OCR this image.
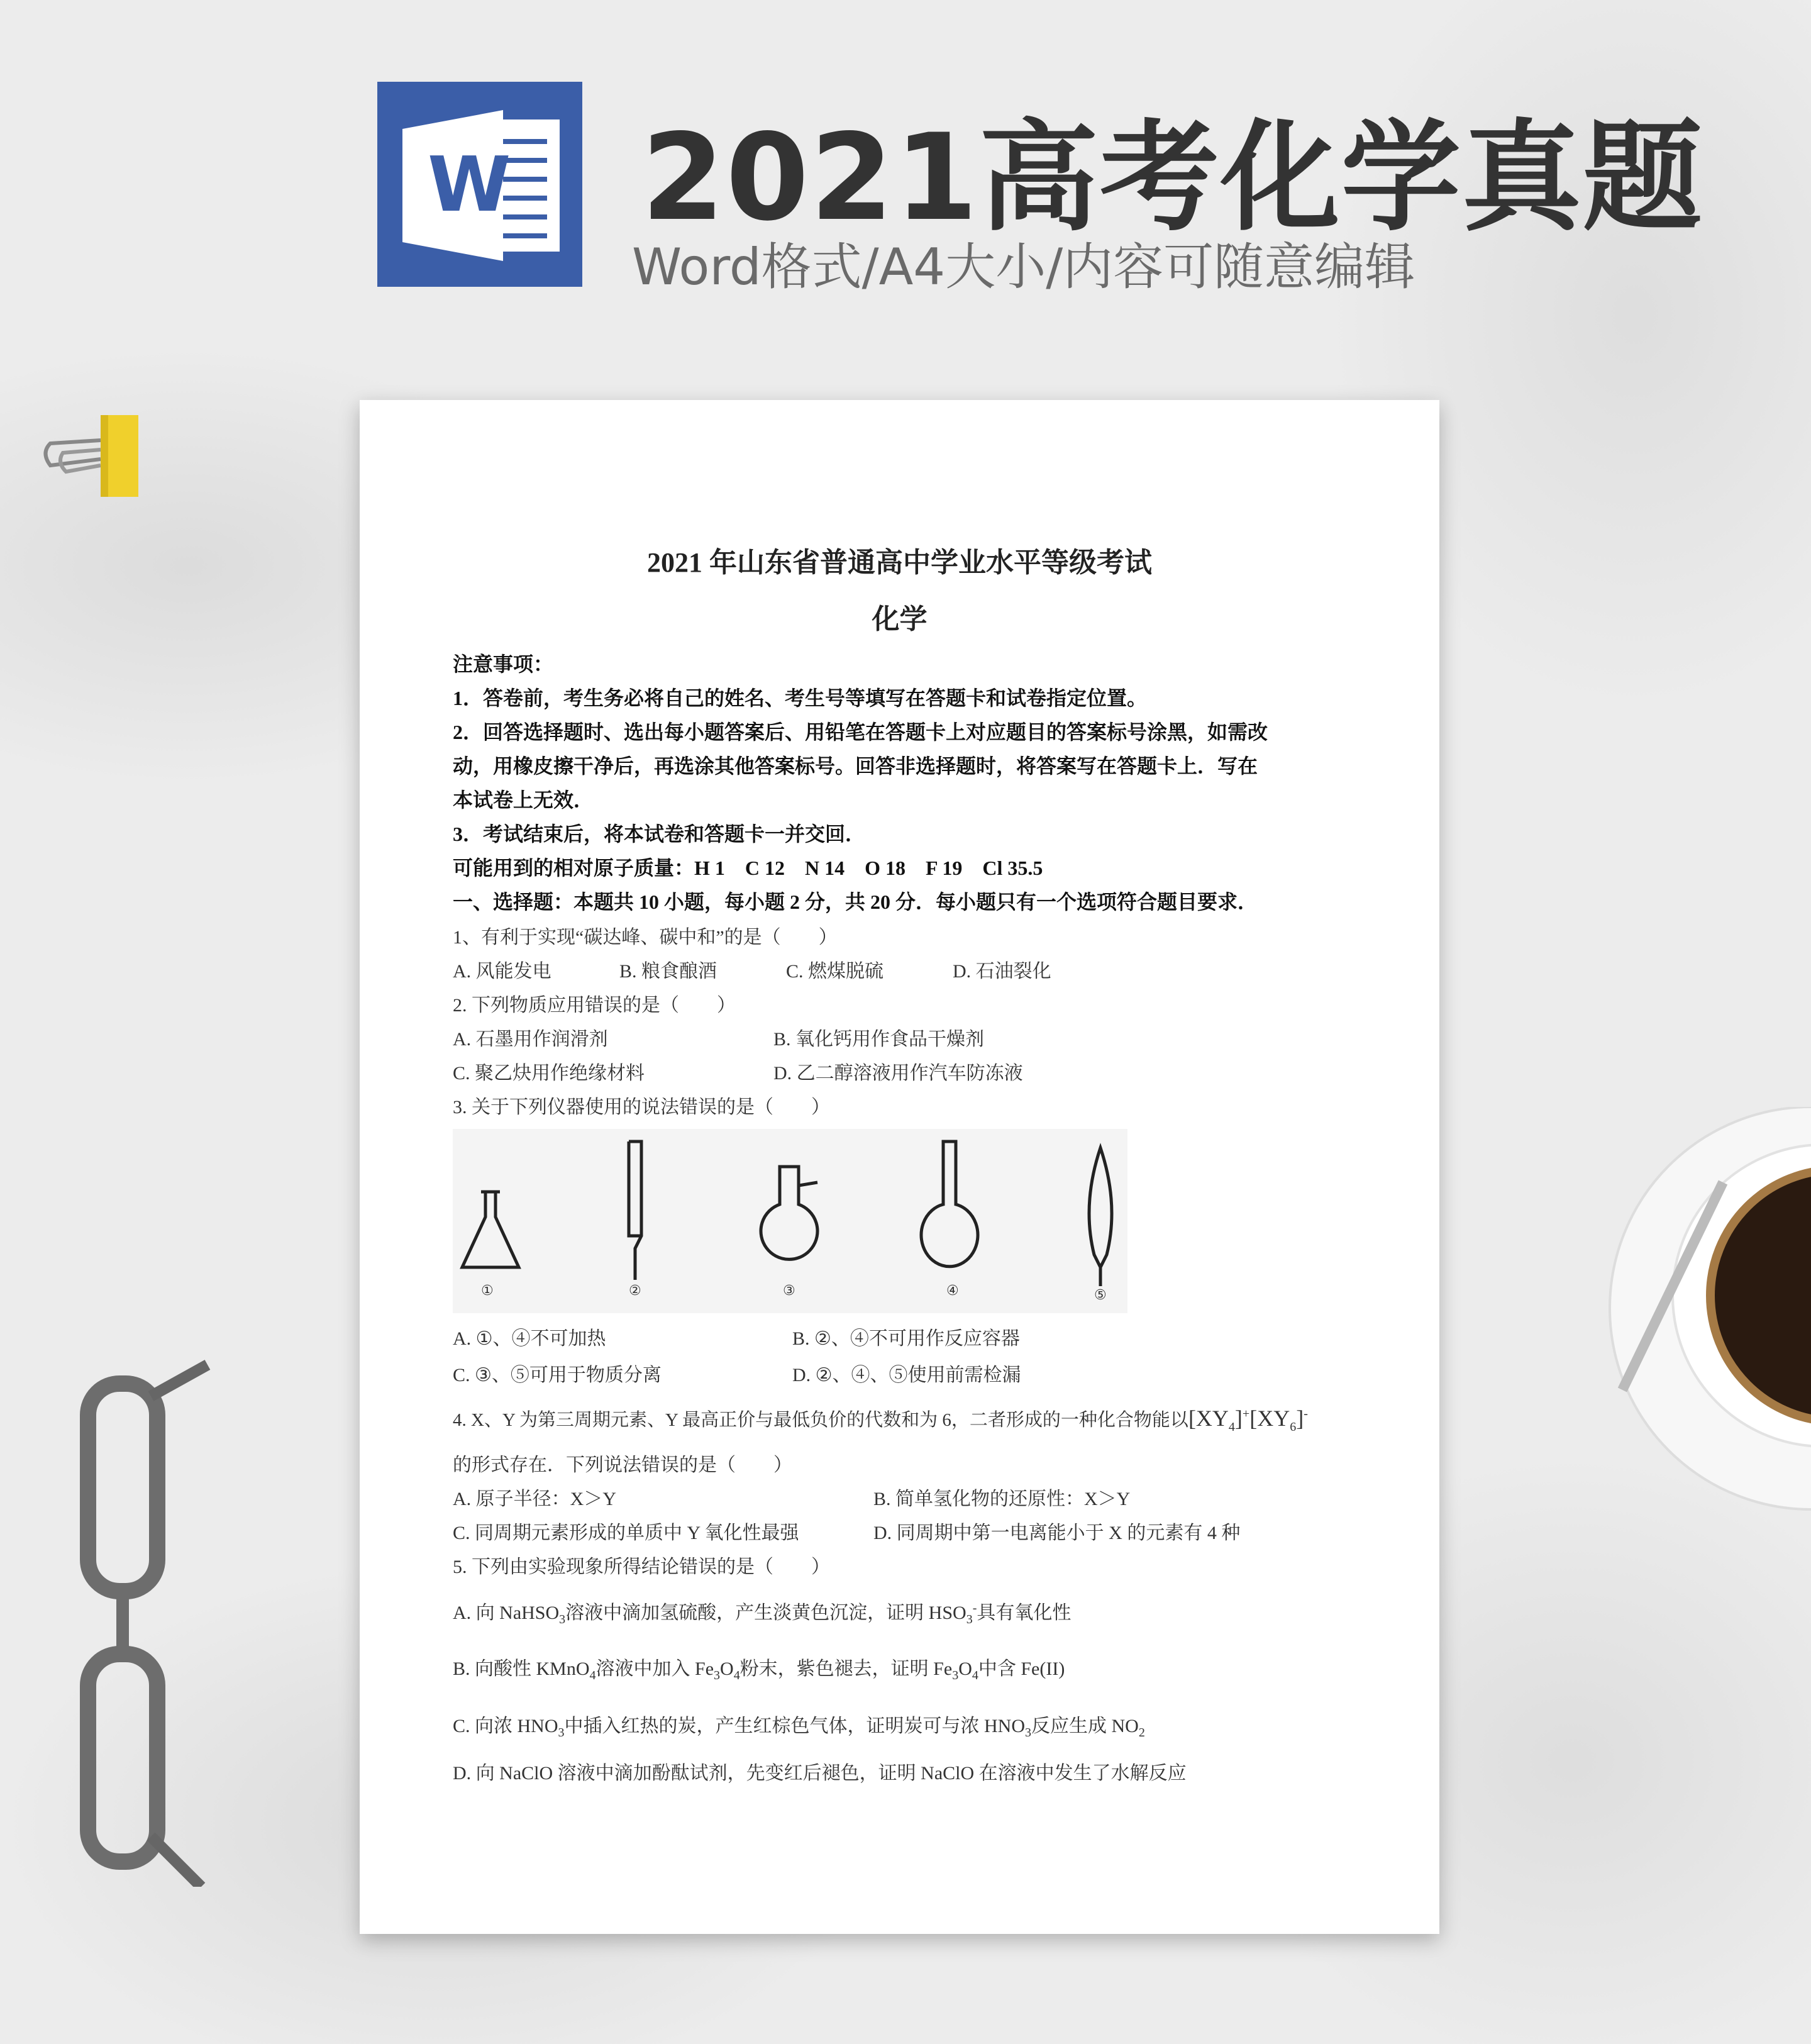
W 2021高考化学真题
Word格式/A4大小/内容可随意编辑
2021 年山东省普通高中学业水平等级考试
化学
注意事项：
1．答卷前，考生务必将自己的姓名、考生号等填写在答题卡和试卷指定位置。
2．回答选择题时、选出每小题答案后、用铅笔在答题卡上对应题目的答案标号涂黑，如需改
动，用橡皮擦干净后，再选涂其他答案标号。回答非选择题时，将答案写在答题卡上．写在
本试卷上无效．
3．考试结束后，将本试卷和答题卡一并交回．
可能用到的相对原子质量：H 1　C 12　N 14　O 18　F 19　Cl 35.5
一、选择题：本题共 10 小题，每小题 2 分，共 20 分．每小题只有一个选项符合题目要求．
1、有利于实现“碳达峰、碳中和”的是（　　）
A. 风能发电	B. 粮食酿酒	C. 燃煤脱硫	D. 石油裂化
2. 下列物质应用错误的是（　　）
A. 石墨用作润滑剂	B. 氧化钙用作食品干燥剂
C. 聚乙炔用作绝缘材料	D. 乙二醇溶液用作汽车防冻液
3. 关于下列仪器使用的说法错误的是（　　）
①	②	③	④	⑤
A. ①、④不可加热	B. ②、④不可用作反应容器
C. ③、⑤可用于物质分离	D. ②、④、⑤使用前需检漏
4. X、Y 为第三周期元素、Y 最高正价与最低负价的代数和为 6，二者形成的一种化合物能以$[XY_4]^+[XY_6]^-$
的形式存在．下列说法错误的是（　　）
A. 原子半径：X＞Y	B. 简单氢化物的还原性：X＞Y
C. 同周期元素形成的单质中 Y 氧化性最强	D. 同周期中第一电离能小于 X 的元素有 4 种
5. 下列由实验现象所得结论错误的是（　　）
A. 向 NaHSO$_3$溶液中滴加氢硫酸，产生淡黄色沉淀，证明 $HSO_3^-$具有氧化性
B. 向酸性 KMnO$_4$溶液中加入 $Fe_3O_4$粉末，紫色褪去，证明 $Fe_3O_4$中含 Fe(II)
C. 向浓 $HNO_3$中插入红热的炭，产生红棕色气体，证明炭可与浓 $HNO_3$反应生成 $NO_2$
D. 向 NaClO 溶液中滴加酚酞试剂，先变红后褪色，证明 NaClO 在溶液中发生了水解反应
